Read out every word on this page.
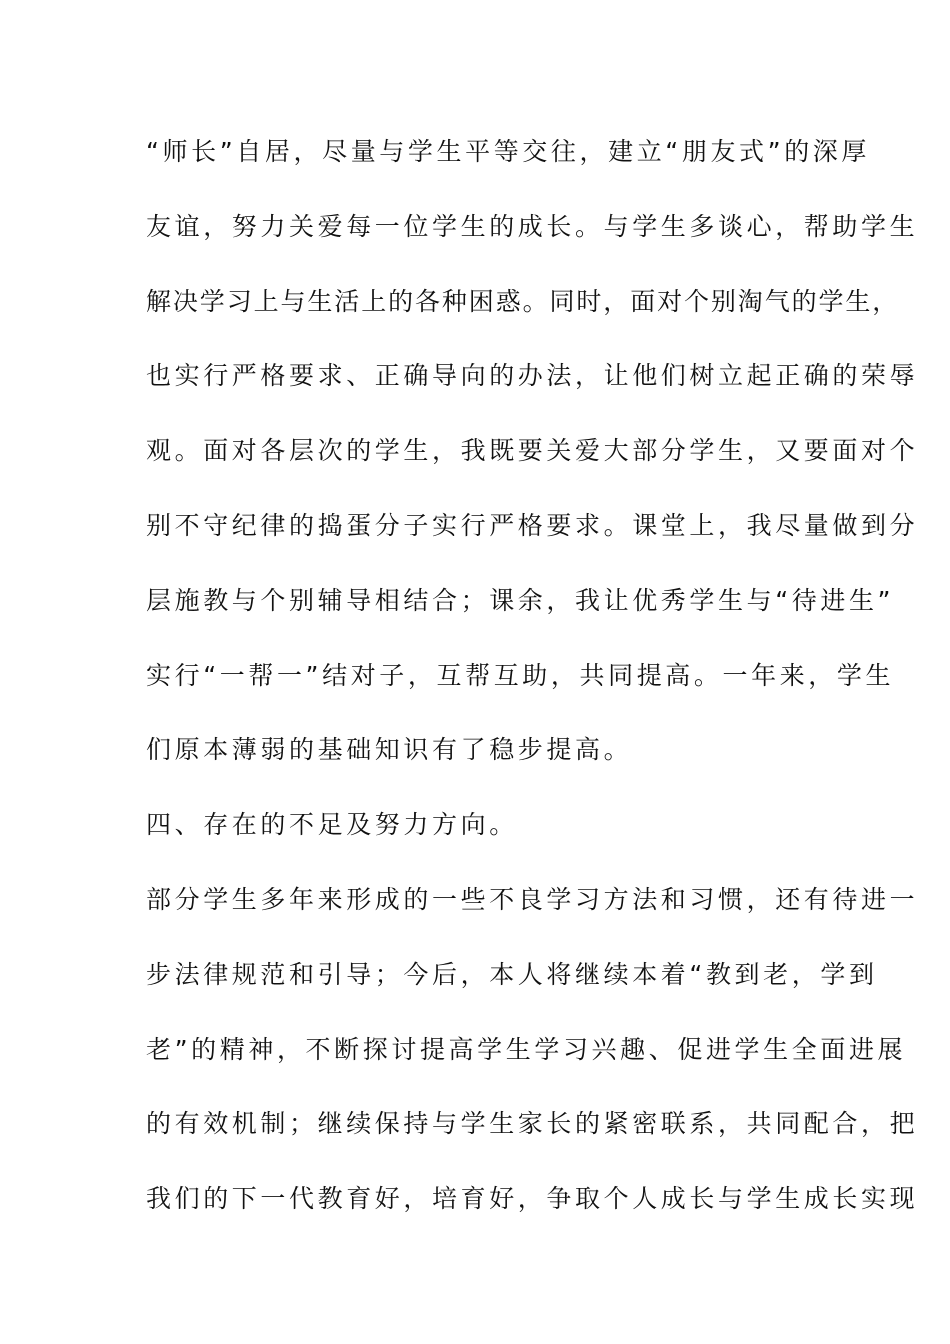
“师长”自居，尽量与学生平等交往，建立“朋友式”的深厚
友谊，努力关爱每一位学生的成长。与学生多谈心，帮助学生
解决学习上与生活上的各种困惑。同时，面对个别淘气的学生，
也实行严格要求、正确导向的办法，让他们树立起正确的荣辱
观。面对各层次的学生，我既要关爱大部分学生，又要面对个
别不守纪律的捣蛋分子实行严格要求。课堂上，我尽量做到分
层施教与个别辅导相结合；课余，我让优秀学生与“待进生”
实行“一帮一”结对子，互帮互助，共同提高。一年来，学生
们原本薄弱的基础知识有了稳步提高。
四、存在的不足及努力方向。
部分学生多年来形成的一些不良学习方法和习惯，还有待进一
步法律规范和引导；今后，本人将继续本着“教到老，学到
老”的精神，不断探讨提高学生学习兴趣、促进学生全面进展
的有效机制；继续保持与学生家长的紧密联系，共同配合，把
我们的下一代教育好，培育好，争取个人成长与学生成长实现
